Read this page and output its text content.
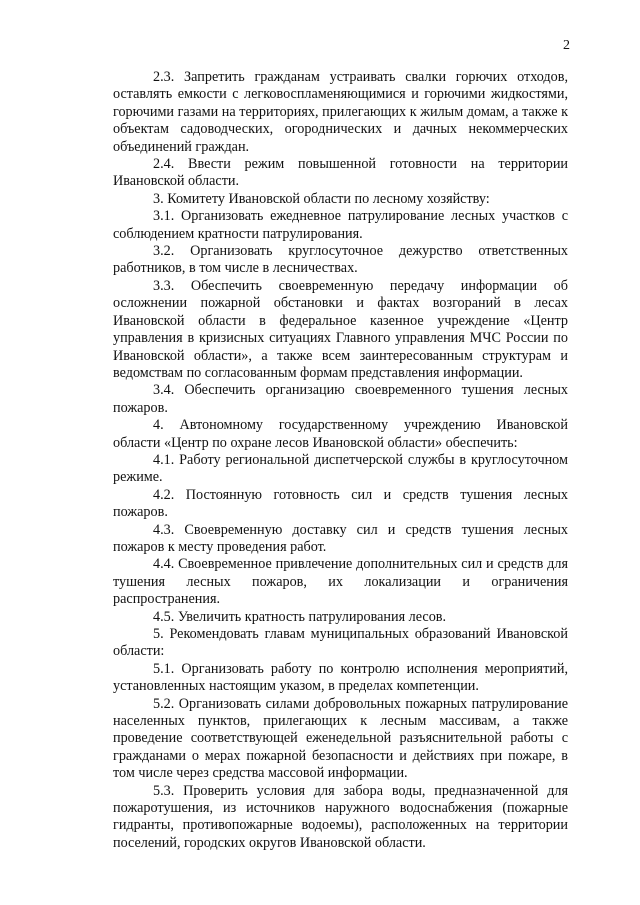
2

2.3. Запретить гражданам устраивать свалки горючих отходов, оставлять емкости с легковоспламеняющимися и горючими жидкостями, горючими газами на территориях, прилегающих к жилым домам, а также к объектам садоводческих, огороднических и дачных некоммерческих объединений граждан.

2.4. Ввести режим повышенной готовности на территории Ивановской области.

3. Комитету Ивановской области по лесному хозяйству:

3.1. Организовать ежедневное патрулирование лесных участков с соблюдением кратности патрулирования.

3.2. Организовать круглосуточное дежурство ответственных работников, в том числе в лесничествах.

3.3. Обеспечить своевременную передачу информации об осложнении пожарной обстановки и фактах возгораний в лесах Ивановской области в федеральное казенное учреждение «Центр управления в кризисных ситуациях Главного управления МЧС России по Ивановской области», а также всем заинтересованным структурам и ведомствам по согласованным формам представления информации.

3.4. Обеспечить организацию своевременного тушения лесных пожаров.

4. Автономному государственному учреждению Ивановской области «Центр по охране лесов Ивановской области» обеспечить:

4.1. Работу региональной диспетчерской службы в круглосуточном режиме.

4.2. Постоянную готовность сил и средств тушения лесных пожаров.

4.3. Своевременную доставку сил и средств тушения лесных пожаров к месту проведения работ.

4.4. Своевременное привлечение дополнительных сил и средств для тушения лесных пожаров, их локализации и ограничения распространения.

4.5. Увеличить кратность патрулирования лесов.

5. Рекомендовать главам муниципальных образований Ивановской области:

5.1. Организовать работу по контролю исполнения мероприятий, установленных настоящим указом, в пределах компетенции.

5.2. Организовать силами добровольных пожарных патрулирование населенных пунктов, прилегающих к лесным массивам, а также проведение соответствующей еженедельной разъяснительной работы с гражданами о мерах пожарной безопасности и действиях при пожаре, в том числе через средства массовой информации.

5.3. Проверить условия для забора воды, предназначенной для пожаротушения, из источников наружного водоснабжения (пожарные гидранты, противопожарные водоемы), расположенных на территории поселений, городских округов Ивановской области.
